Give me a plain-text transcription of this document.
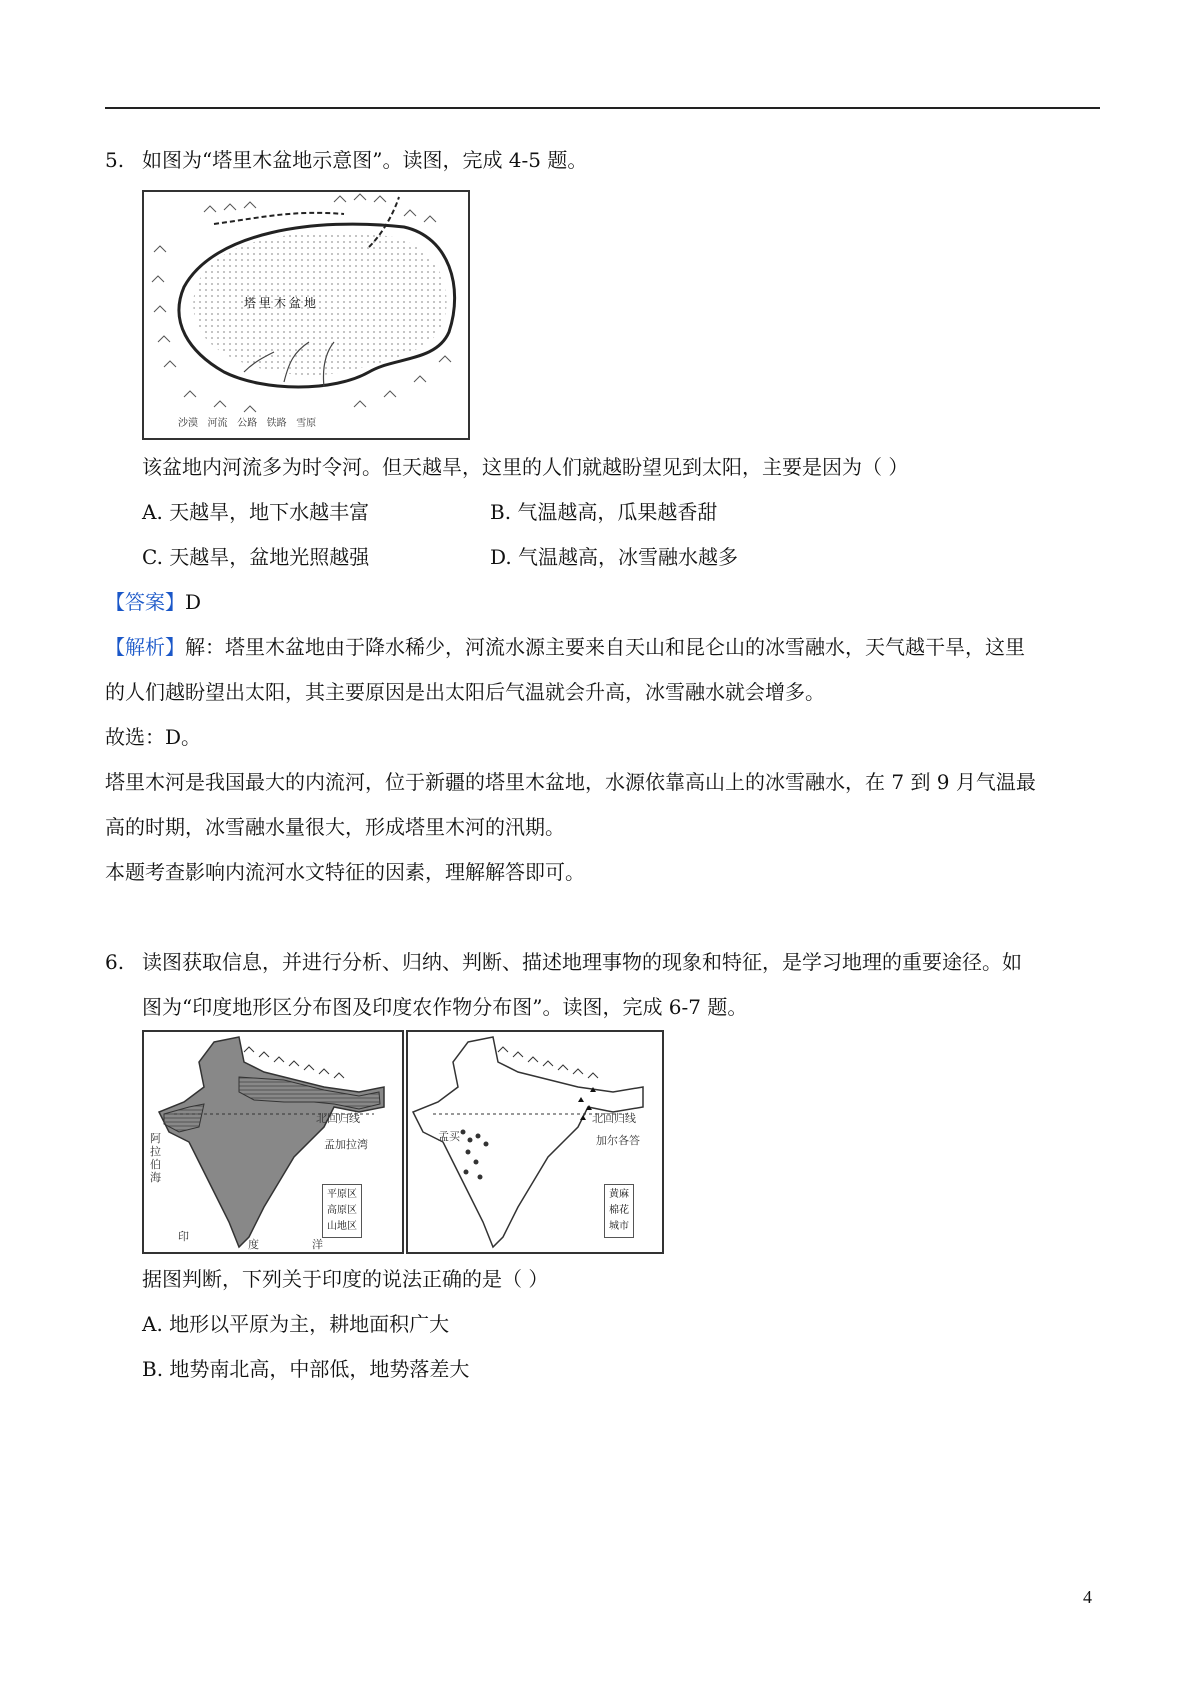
5. 如图为“塔里木盆地示意图”。读图，完成 4-5 题。
塔 里 木 盆 地
沙漠 河流 公路 铁路 雪原
该盆地内河流多为时令河。但天越旱，这里的人们就越盼望见到太阳，主要是因为（ ）
A. 天越旱，地下水越丰富	B. 气温越高，瓜果越香甜
C. 天越旱，盆地光照越强	D. 气温越高，冰雪融水越多
【答案】D
【解析】解：塔里木盆地由于降水稀少，河流水源主要来自天山和昆仑山的冰雪融水，天气越干旱，这里
的人们越盼望出太阳，其主要原因是出太阳后气温就会升高，冰雪融水就会增多。
故选：D。
塔里木河是我国最大的内流河，位于新疆的塔里木盆地，水源依靠高山上的冰雪融水，在 7 到 9 月气温最
高的时期，冰雪融水量很大，形成塔里木河的汛期。
本题考查影响内流河水文特征的因素，理解解答即可。
6. 读图获取信息，并进行分析、归纳、判断、描述地理事物的现象和特征，是学习地理的重要途径。如
图为“印度地形区分布图及印度农作物分布图”。读图，完成 6-7 题。
北回归线
孟加拉湾
阿拉伯海
印
度	洋
平原区
高原区
山地区
孟买
北回归线
加尔各答
黄麻
棉花
城市
据图判断，下列关于印度的说法正确的是（ ）
A. 地形以平原为主，耕地面积广大
B. 地势南北高，中部低，地势落差大
4
